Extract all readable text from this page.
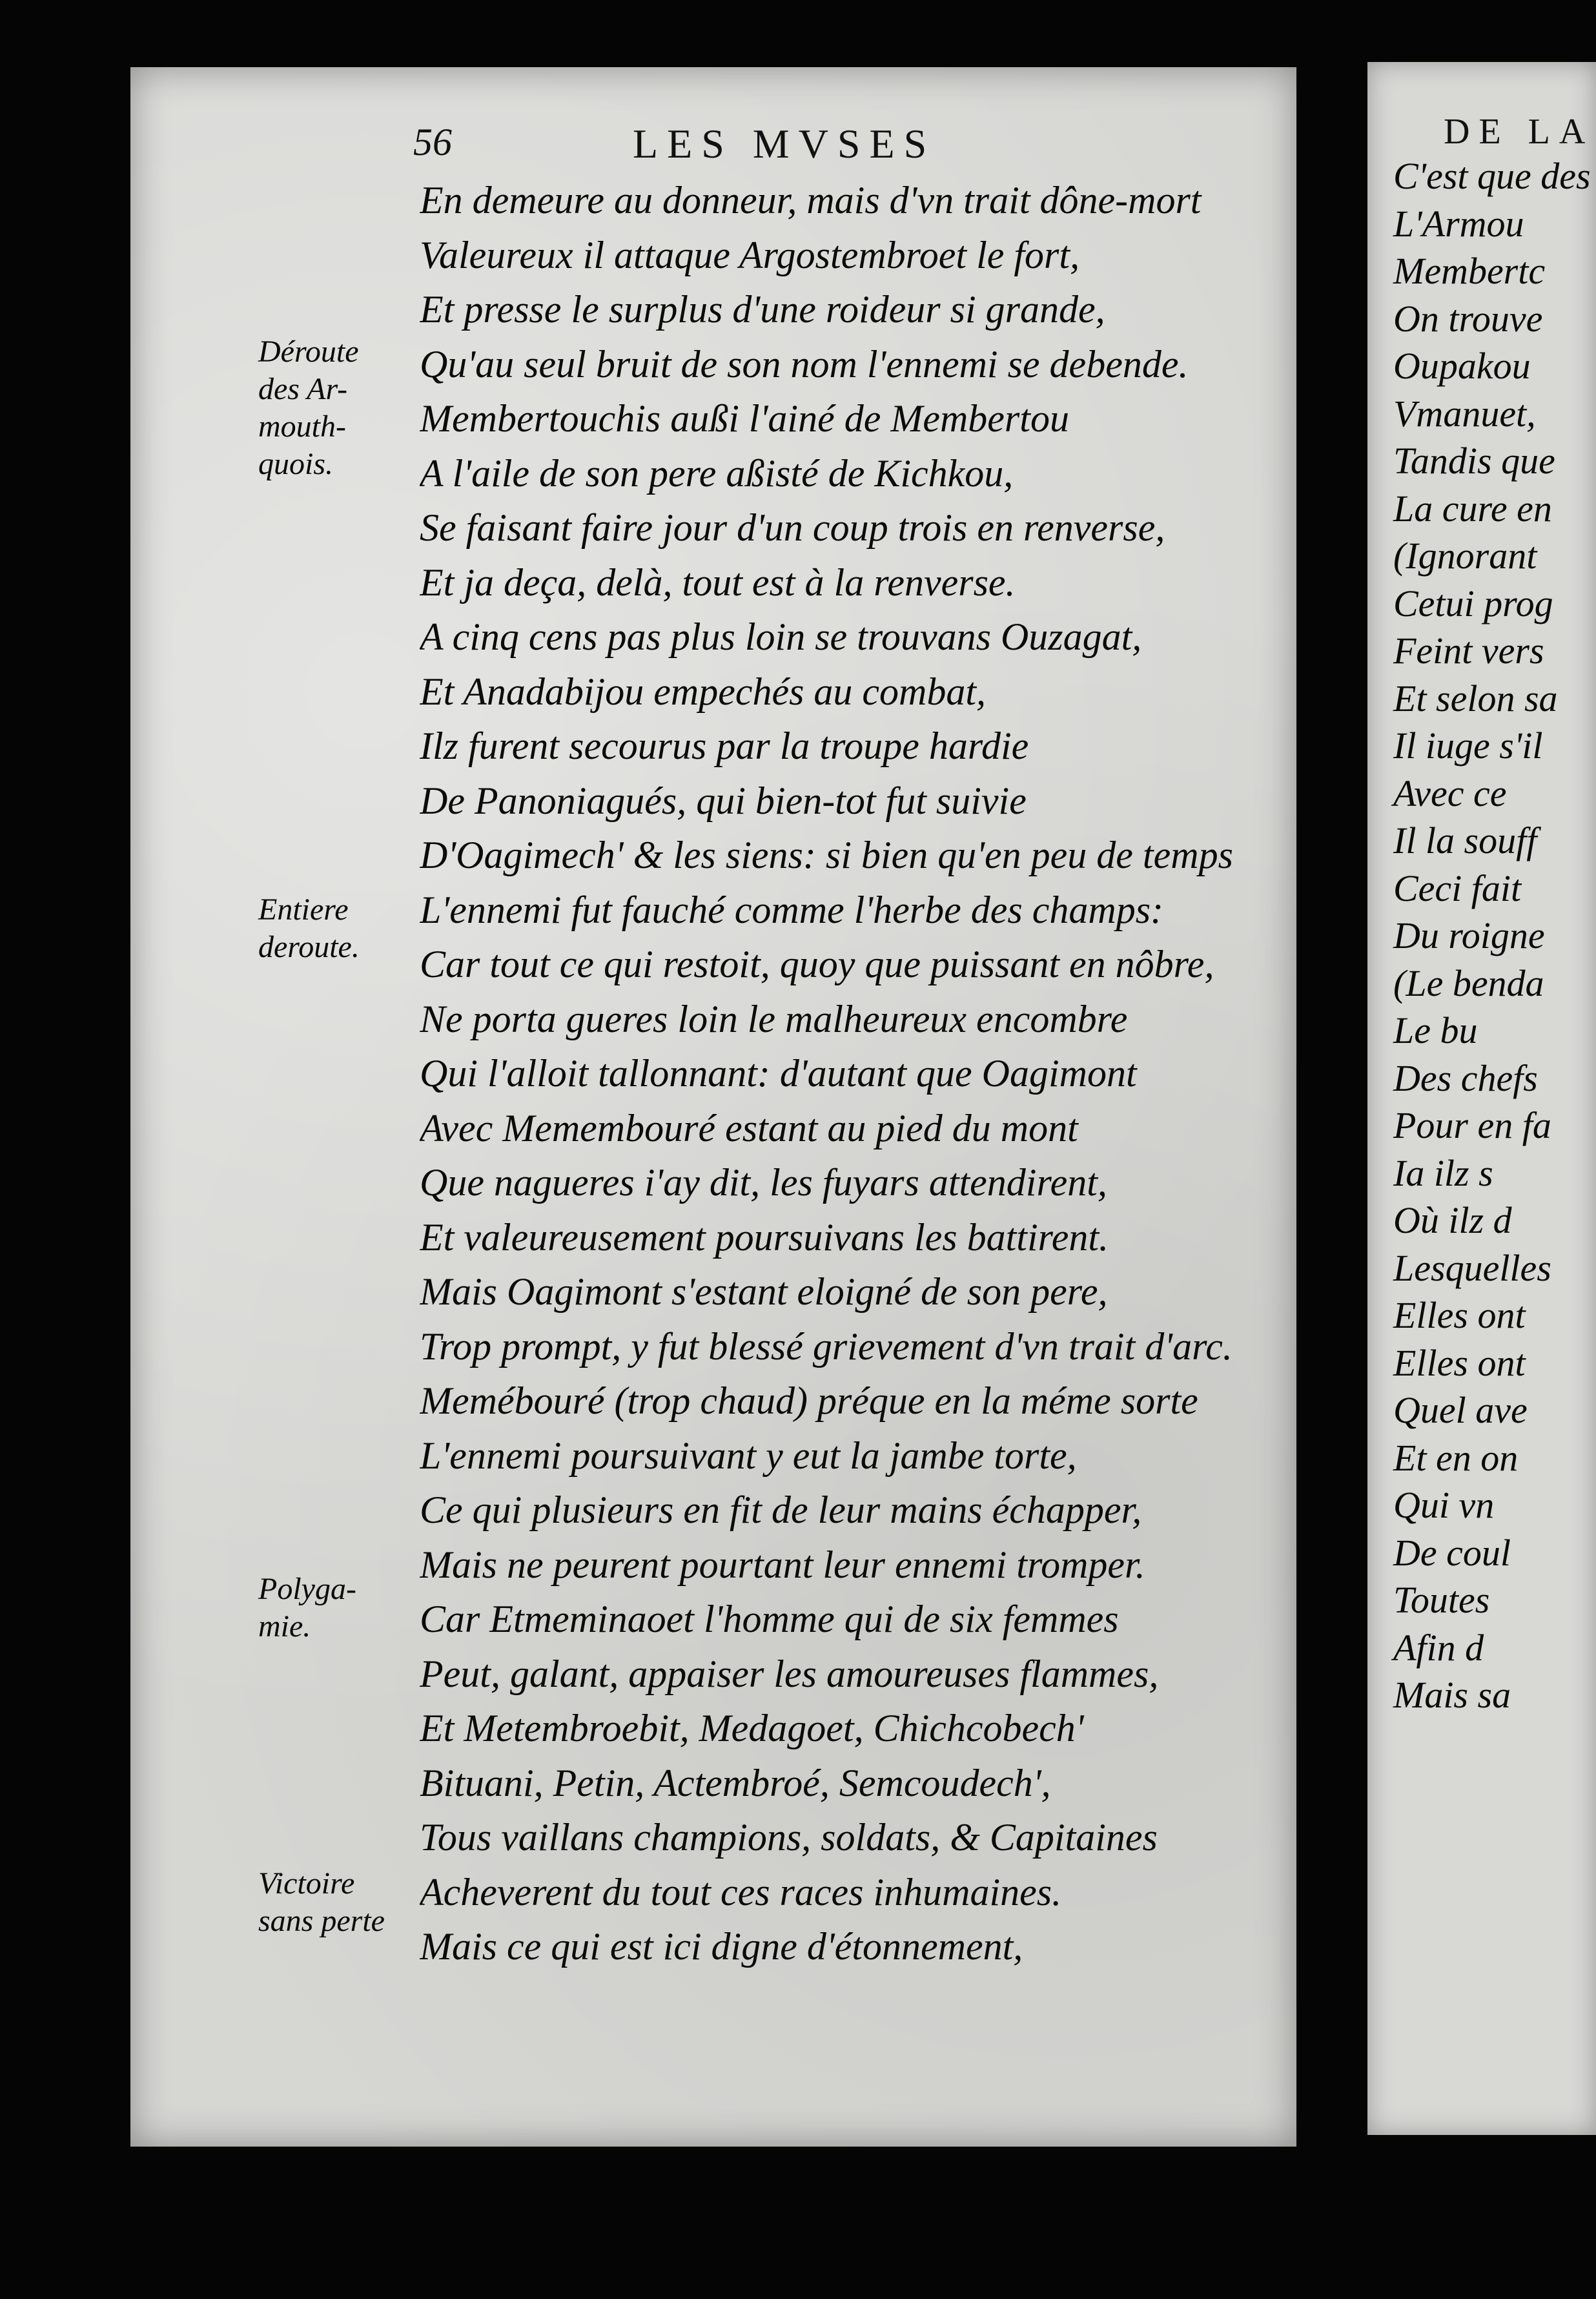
56	LES MVSES
Déroute
des Ar-
mouth-
quois.
Entiere
deroute.
Polyga-
mie.
Victoire
sans perte
En demeure au donneur, mais d'vn trait dône-mort
Valeureux il attaque Argostembroet le fort,
Et presse le surplus d'une roideur si grande,
Qu'au seul bruit de son nom l'ennemi se debende.
Membertouchis außi l'ainé de Membertou
A l'aile de son pere aßisté de Kichkou,
Se faisant faire jour d'un coup trois en renverse,
Et ja deça, delà, tout est à la renverse.
A cinq cens pas plus loin se trouvans Ouzagat,
Et Anadabijou empechés au combat,
Ilz furent secourus par la troupe hardie
De Panoniagués, qui bien-tot fut suivie
D'Oagimech' & les siens: si bien qu'en peu de temps
L'ennemi fut fauché comme l'herbe des champs:
Car tout ce qui restoit, quoy que puissant en nôbre,
Ne porta gueres loin le malheureux encombre
Qui l'alloit tallonnant: d'autant que Oagimont
Avec Memembouré estant au pied du mont
Que nagueres i'ay dit, les fuyars attendirent,
Et valeureusement poursuivans les battirent.
Mais Oagimont s'estant eloigné de son pere,
Trop prompt, y fut blessé grievement d'vn trait d'arc.
Memébouré (trop chaud) préque en la méme sorte
L'ennemi poursuivant y eut la jambe torte,
Ce qui plusieurs en fit de leur mains échapper,
Mais ne peurent pourtant leur ennemi tromper.
Car Etmeminaoet l'homme qui de six femmes
Peut, galant, appaiser les amoureuses flammes,
Et Metembroebit, Medagoet, Chichcobech'
Bituani, Petin, Actembroé, Semcoudech',
Tous vaillans champions, soldats, & Capitaines
Acheverent du tout ces races inhumaines.
Mais ce qui est ici digne d'étonnement,
DE LA
C'est que des
L'Armou
Membertc
On trouve
Oupakou
Vmanuet,
Tandis que
La cure en
(Ignorant
Cetui prog
Feint vers
Et selon sa
Il iuge s'il
Avec ce
Il la souff
Ceci fait
Du roigne
(Le benda
Le bu
Des chefs
Pour en fa
Ia ilz s
Où ilz d
Lesquelles
Elles ont
Elles ont
Quel ave
Et en on
Qui vn
De coul
Toutes
Afin d
Mais sa
